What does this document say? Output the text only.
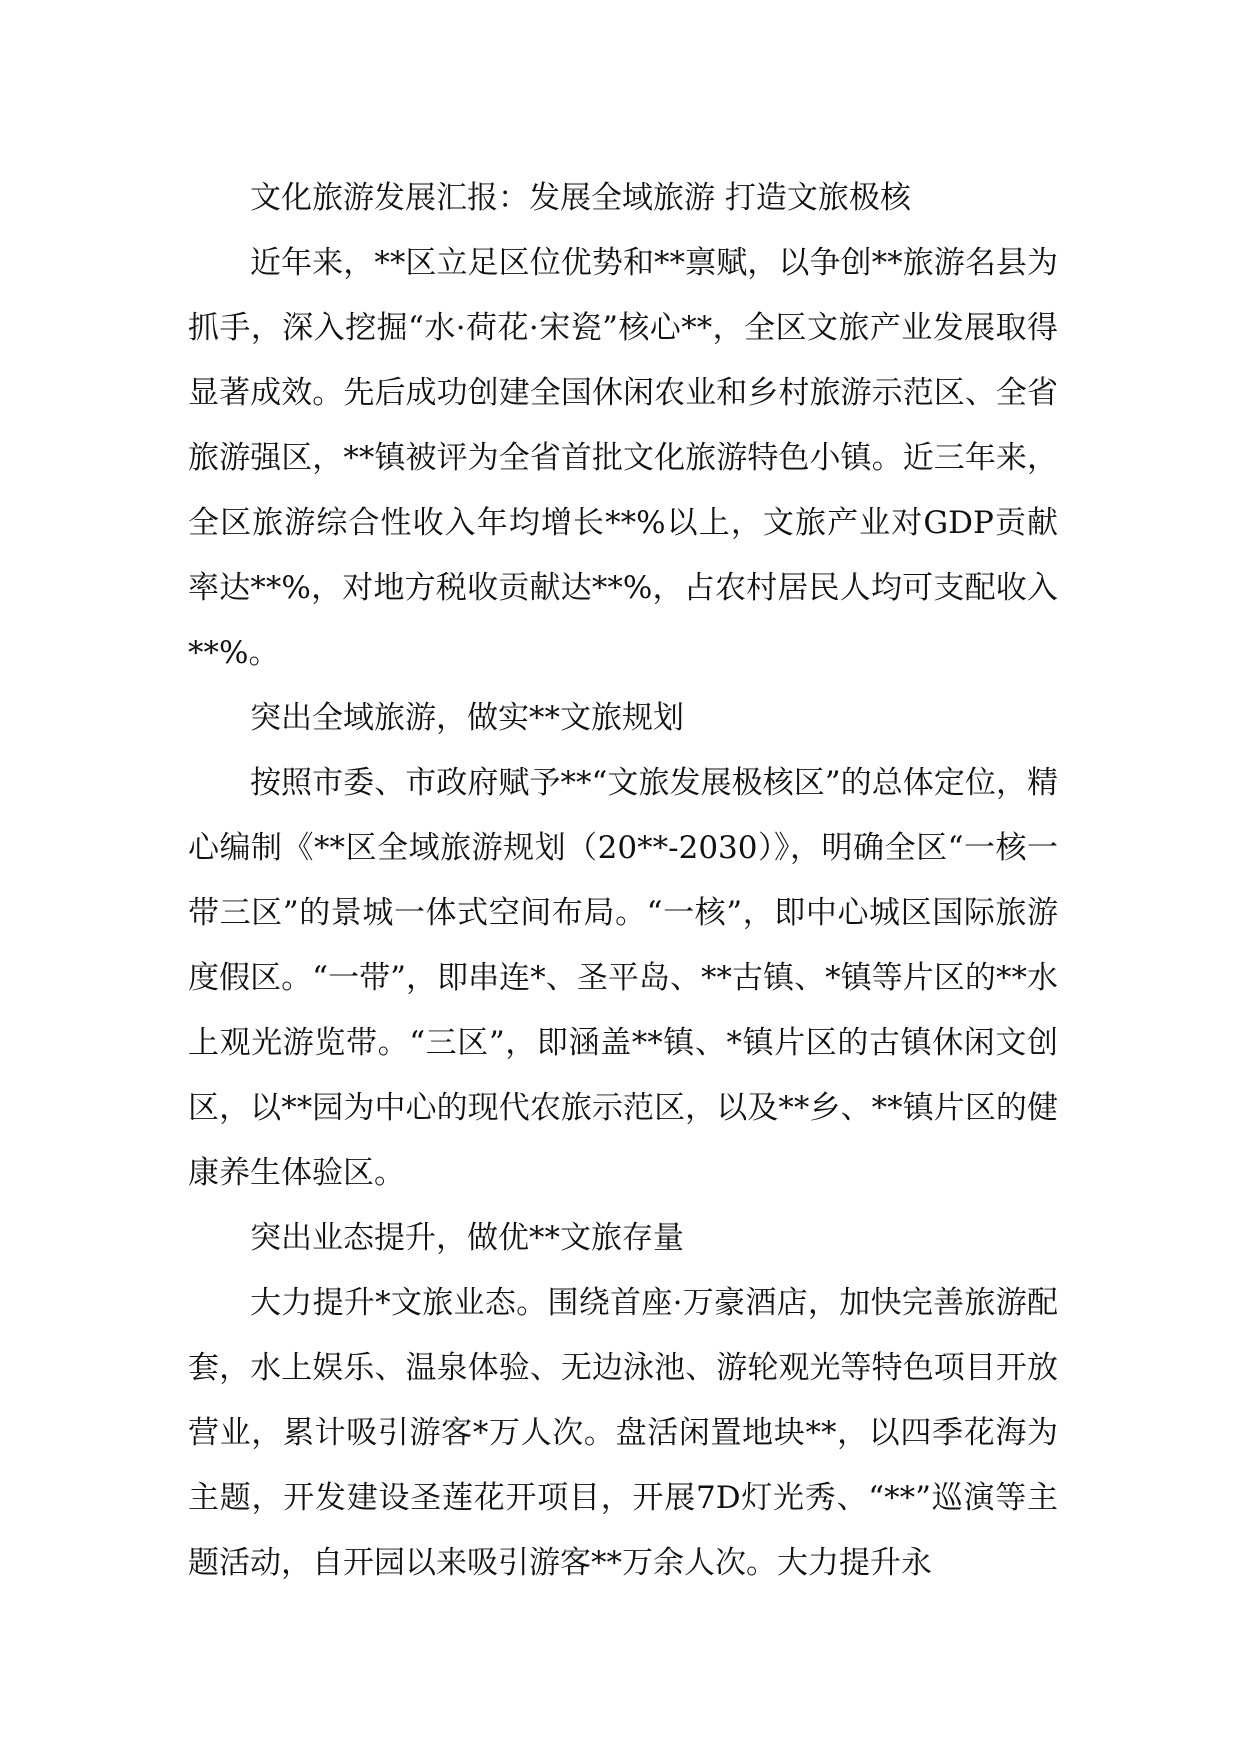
文化旅游发展汇报：发展全域旅游 打造文旅极核

近年来，**区立足区位优势和**禀赋，以争创**旅游名县为抓手，深入挖掘“水·荷花·宋瓷”核心**，全区文旅产业发展取得显著成效。先后成功创建全国休闲农业和乡村旅游示范区、全省旅游强区，**镇被评为全省首批文化旅游特色小镇。近三年来，全区旅游综合性收入年均增长**%以上，文旅产业对GDP贡献率达**%，对地方税收贡献达**%，占农村居民人均可支配收入**%。

突出全域旅游，做实**文旅规划

按照市委、市政府赋予**“文旅发展极核区”的总体定位，精心编制《**区全域旅游规划（20**-2030）》，明确全区“一核一带三区”的景城一体式空间布局。“一核”，即中心城区国际旅游度假区。“一带”，即串连*、圣平岛、**古镇、*镇等片区的**水上观光游览带。“三区”，即涵盖**镇、*镇片区的古镇休闲文创区，以**园为中心的现代农旅示范区，以及**乡、**镇片区的健康养生体验区。

突出业态提升，做优**文旅存量

大力提升*文旅业态。围绕首座·万豪酒店，加快完善旅游配套，水上娱乐、温泉体验、无边泳池、游轮观光等特色项目开放营业，累计吸引游客*万人次。盘活闲置地块**，以四季花海为主题，开发建设圣莲花开项目，开展7D灯光秀、“**”巡演等主题活动，自开园以来吸引游客**万余人次。大力提升永
